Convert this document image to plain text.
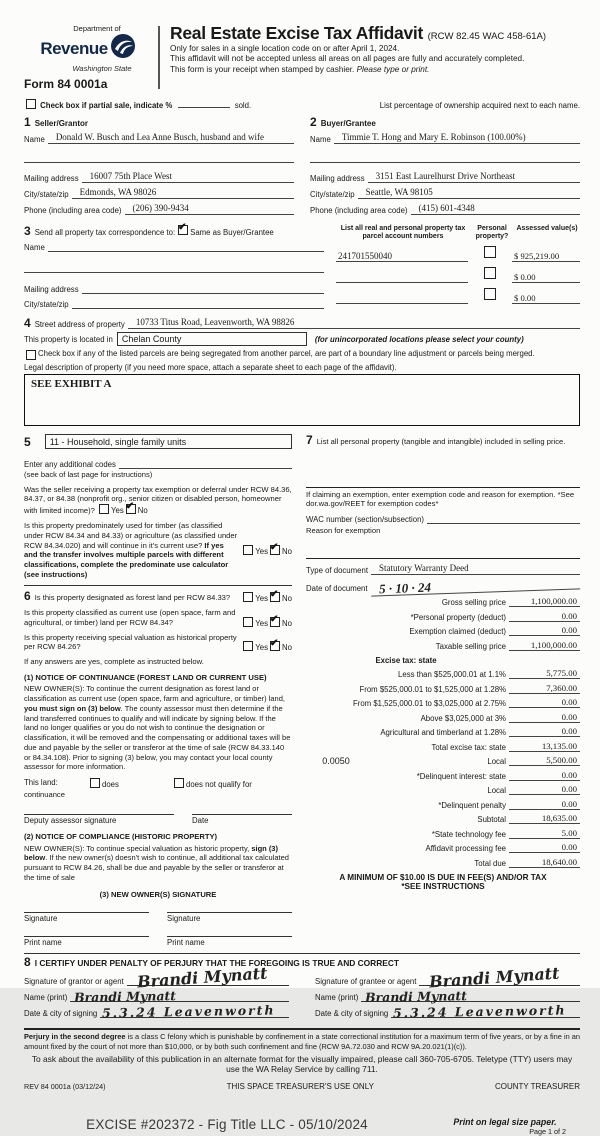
Department of
Revenue
Washington State
Form 84 0001a
Real Estate Excise Tax Affidavit (RCW 82.45 WAC 458-61A)

Only for sales in a single location code on or after April 1, 2024.

This affidavit will not be accepted unless all areas on all pages are fully and accurately completed.

This form is your receipt when stamped by cashier. Please type or print.

Check box if partial sale, indicate %	sold.	List percentage of ownership acquired next to each name.
1 Seller/Grantor
Name	Donald W. Busch and Lea Anne Busch, husband and wife
Mailing address	16007 75th Place West
City/state/zip	Edmonds, WA 98026
Phone (including area code)	(206) 390-9434
2 Buyer/Grantee
Name	Timmie T. Hong and Mary E. Robinson (100.00%)
Mailing address	3151 East Laurelhurst Drive Northeast
City/state/zip	Seattle, WA 98105
Phone (including area code)	(415) 601-4348
3 Send all property tax correspondence to: ✔ Same as Buyer/Grantee
Name
Mailing address
City/state/zip
List all real and personal property tax parcel account numbers
Personal property?
Assessed value(s)
241701550040	$ 925,219.00
$ 0.00
$ 0.00
4 Street address of property	10733 Titus Road, Leavenworth, WA 98826
This property is located in	Chelan County	(for unincorporated locations please select your county)
Check box if any of the listed parcels are being segregated from another parcel, are part of a boundary line adjustment or parcels being merged.
Legal description of property (if you need more space, attach a separate sheet to each page of the affidavit).
SEE EXHIBIT A
5	11 - Household, single family units
Enter any additional codes
(see back of last page for instructions)
Was the seller receiving a property tax exemption or deferral under RCW 84.36, 84.37, or 84.38 (nonprofit org., senior citizen or disabled person, homeowner with limited income)? Yes ✔ No
Is this property predominately used for timber (as classified under RCW 84.34 and 84.33) or agriculture (as classified under RCW 84.34.020) and will continue in it's current use? If yes and the transfer involves multiple parcels with different classifications, complete the predominate use calculator (see instructions)
Yes ✔ No
6 Is this property designated as forest land per RCW 84.33?	Yes ✔ No
Is this property classified as current use (open space, farm and agricultural, or timber) land per RCW 84.34?	Yes ✔ No
Is this property receiving special valuation as historical property per RCW 84.26?	Yes ✔ No
If any answers are yes, complete as instructed below.
(1) NOTICE OF CONTINUANCE (FOREST LAND OR CURRENT USE)
NEW OWNER(S): To continue the current designation as forest land or classification as current use (open space, farm and agriculture, or timber) land, you must sign on (3) below. The county assessor must then determine if the land transferred continues to qualify and will indicate by signing below. If the land no longer qualifies or you do not wish to continue the designation or classification, it will be removed and the compensating or additional taxes will be due and payable by the seller or transferor at the time of sale (RCW 84.33.140 or 84.34.108). Prior to signing (3) below, you may contact your local county assessor for more information.
This land:	does	does not qualify for
continuance
Deputy assessor signature	Date
(2) NOTICE OF COMPLIANCE (HISTORIC PROPERTY)
NEW OWNER(S): To continue special valuation as historic property, sign (3) below. If the new owner(s) doesn't wish to continue, all additional tax calculated pursuant to RCW 84.26, shall be due and payable by the seller or transferor at the time of sale
(3) NEW OWNER(S) SIGNATURE
Signature	Signature
Print name	Print name
7 List all personal property (tangible and intangible) included in selling price.
If claiming an exemption, enter exemption code and reason for exemption. *See dor.wa.gov/REET for exemption codes*
WAC number (section/subsection)
Reason for exemption
Type of document	Statutory Warranty Deed
Date of document 5 · 10 · 24
Gross selling price	1,100,000.00
*Personal property (deduct)	0.00
Exemption claimed (deduct)	0.00
Taxable selling price	1,100,000.00
Excise tax: state
Less than $525,000.01 at 1.1%	5,775.00
From $525,000.01 to $1,525,000 at 1.28%	7,360.00
From $1,525,000.01 to $3,025,000 at 2.75%	0.00
Above $3,025,000 at 3%	0.00
Agricultural and timberland at 1.28%	0.00
Total excise tax: state	13,135.00
0.0050	Local	5,500.00
*Delinquent interest: state	0.00
Local	0.00
*Delinquent penalty	0.00
Subtotal	18,635.00
*State technology fee	5.00
Affidavit processing fee	0.00
Total due	18,640.00
A MINIMUM OF $10.00 IS DUE IN FEE(S) AND/OR TAX
*SEE INSTRUCTIONS
8 I CERTIFY UNDER PENALTY OF PERJURY THAT THE FOREGOING IS TRUE AND CORRECT
Signature of grantor or agent Brandi Mynatt
Name (print) Brandi Mynatt
Date & city of signing 5.3.24 Leavenworth
Signature of grantee or agent Brandi Mynatt
Name (print) Brandi Mynatt
Date & city of signing 5.3.24 Leavenworth
Perjury in the second degree is a class C felony which is punishable by confinement in a state correctional institution for a maximum term of five years, or by a fine in an amount fixed by the court of not more than $10,000, or by both such confinement and fine (RCW 9A.72.030 and RCW 9A.20.021(1)(c)).
To ask about the availability of this publication in an alternate format for the visually impaired, please call 360-705-6705. Teletype (TTY) users may use the WA Relay Service by calling 711.
REV 84 0001a (03/12/24)	THIS SPACE TREASURER'S USE ONLY	COUNTY TREASURER
EXCISE #202372 - Fig Title LLC - 05/10/2024	Print on legal size paper.
Page 1 of 2
